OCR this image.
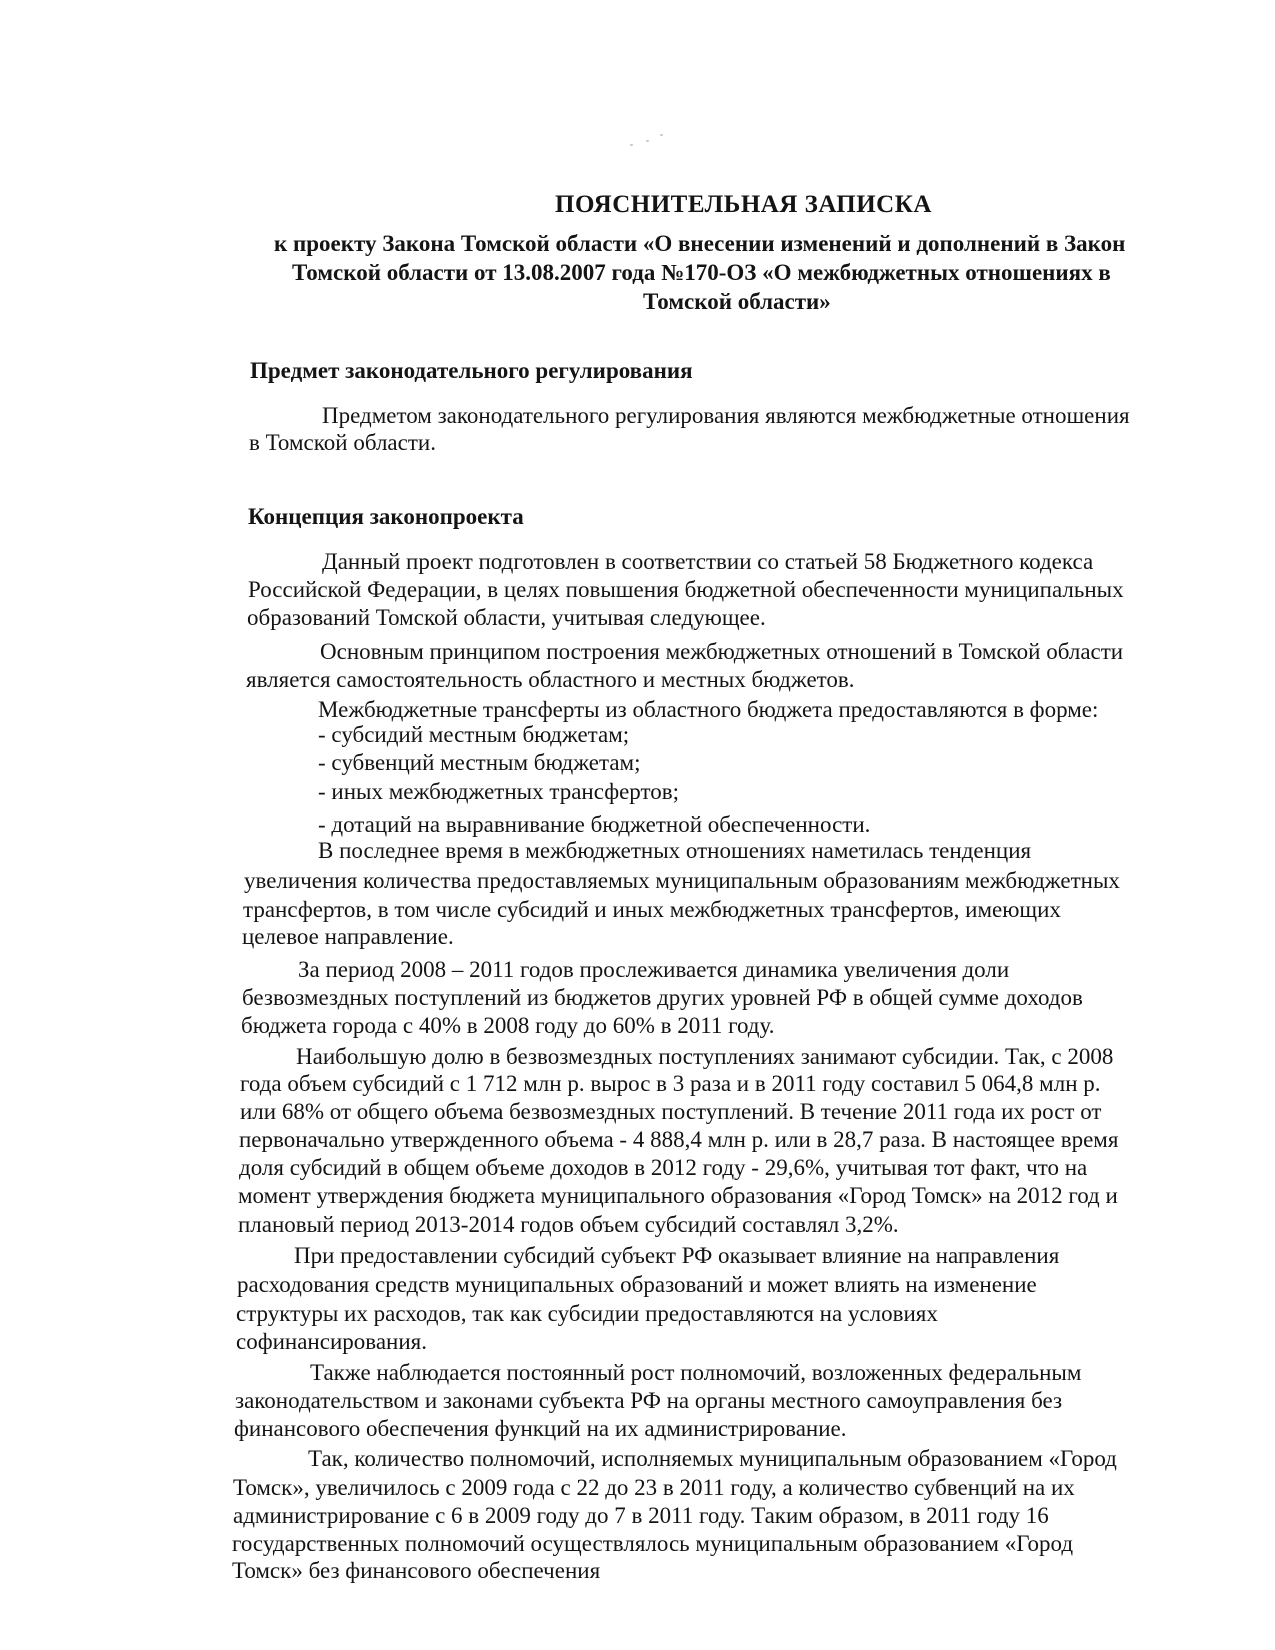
ПОЯСНИТЕЛЬНАЯ ЗАПИСКА
к проекту Закона Томской области «О внесении изменений и дополнений в Закон
Томской области от 13.08.2007 года №170-ОЗ «О межбюджетных отношениях в
Томской области»
Предмет законодательного регулирования
Предметом законодательного регулирования являются межбюджетные отношения
в Томской области.
Концепция законопроекта
Данный проект подготовлен в соответствии со статьей 58 Бюджетного кодекса
Российской Федерации, в целях повышения бюджетной обеспеченности муниципальных
образований Томской области, учитывая следующее.
Основным принципом построения межбюджетных отношений в Томской области
является самостоятельность областного и местных бюджетов.
Межбюджетные трансферты из областного бюджета предоставляются в форме:
- субсидий местным бюджетам;
- субвенций местным бюджетам;
- иных межбюджетных трансфертов;
- дотаций на выравнивание бюджетной обеспеченности.
В последнее время в межбюджетных отношениях наметилась тенденция
увеличения количества предоставляемых муниципальным образованиям межбюджетных
трансфертов, в том числе субсидий и иных межбюджетных трансфертов, имеющих
целевое направление.
За период 2008 – 2011 годов прослеживается динамика увеличения доли
безвозмездных поступлений из бюджетов других уровней РФ в общей сумме доходов
бюджета города с 40% в 2008 году до 60% в 2011 году.
Наибольшую долю в безвозмездных поступлениях занимают субсидии. Так, с 2008
года объем субсидий с 1 712 млн р. вырос в 3 раза и в 2011 году составил 5 064,8 млн р.
или 68% от общего объема безвозмездных поступлений. В течение 2011 года их рост от
первоначально утвержденного объема - 4 888,4 млн р. или в 28,7 раза. В настоящее время
доля субсидий в общем объеме доходов в 2012 году - 29,6%, учитывая тот факт, что на
момент утверждения бюджета муниципального образования «Город Томск» на 2012 год и
плановый период 2013-2014 годов объем субсидий составлял 3,2%.
При предоставлении субсидий субъект РФ оказывает влияние на направления
расходования средств муниципальных образований и может влиять на изменение
структуры их расходов, так как субсидии предоставляются на условиях
софинансирования.
Также наблюдается постоянный рост полномочий, возложенных федеральным
законодательством и законами субъекта РФ на органы местного самоуправления без
финансового обеспечения функций на их администрирование.
Так, количество полномочий, исполняемых муниципальным образованием «Город
Томск», увеличилось с 2009 года с 22 до 23 в 2011 году, а количество субвенций на их
администрирование с 6 в 2009 году до 7 в 2011 году. Таким образом, в 2011 году 16
государственных полномочий осуществлялось муниципальным образованием «Город
Томск» без финансового обеспечения
